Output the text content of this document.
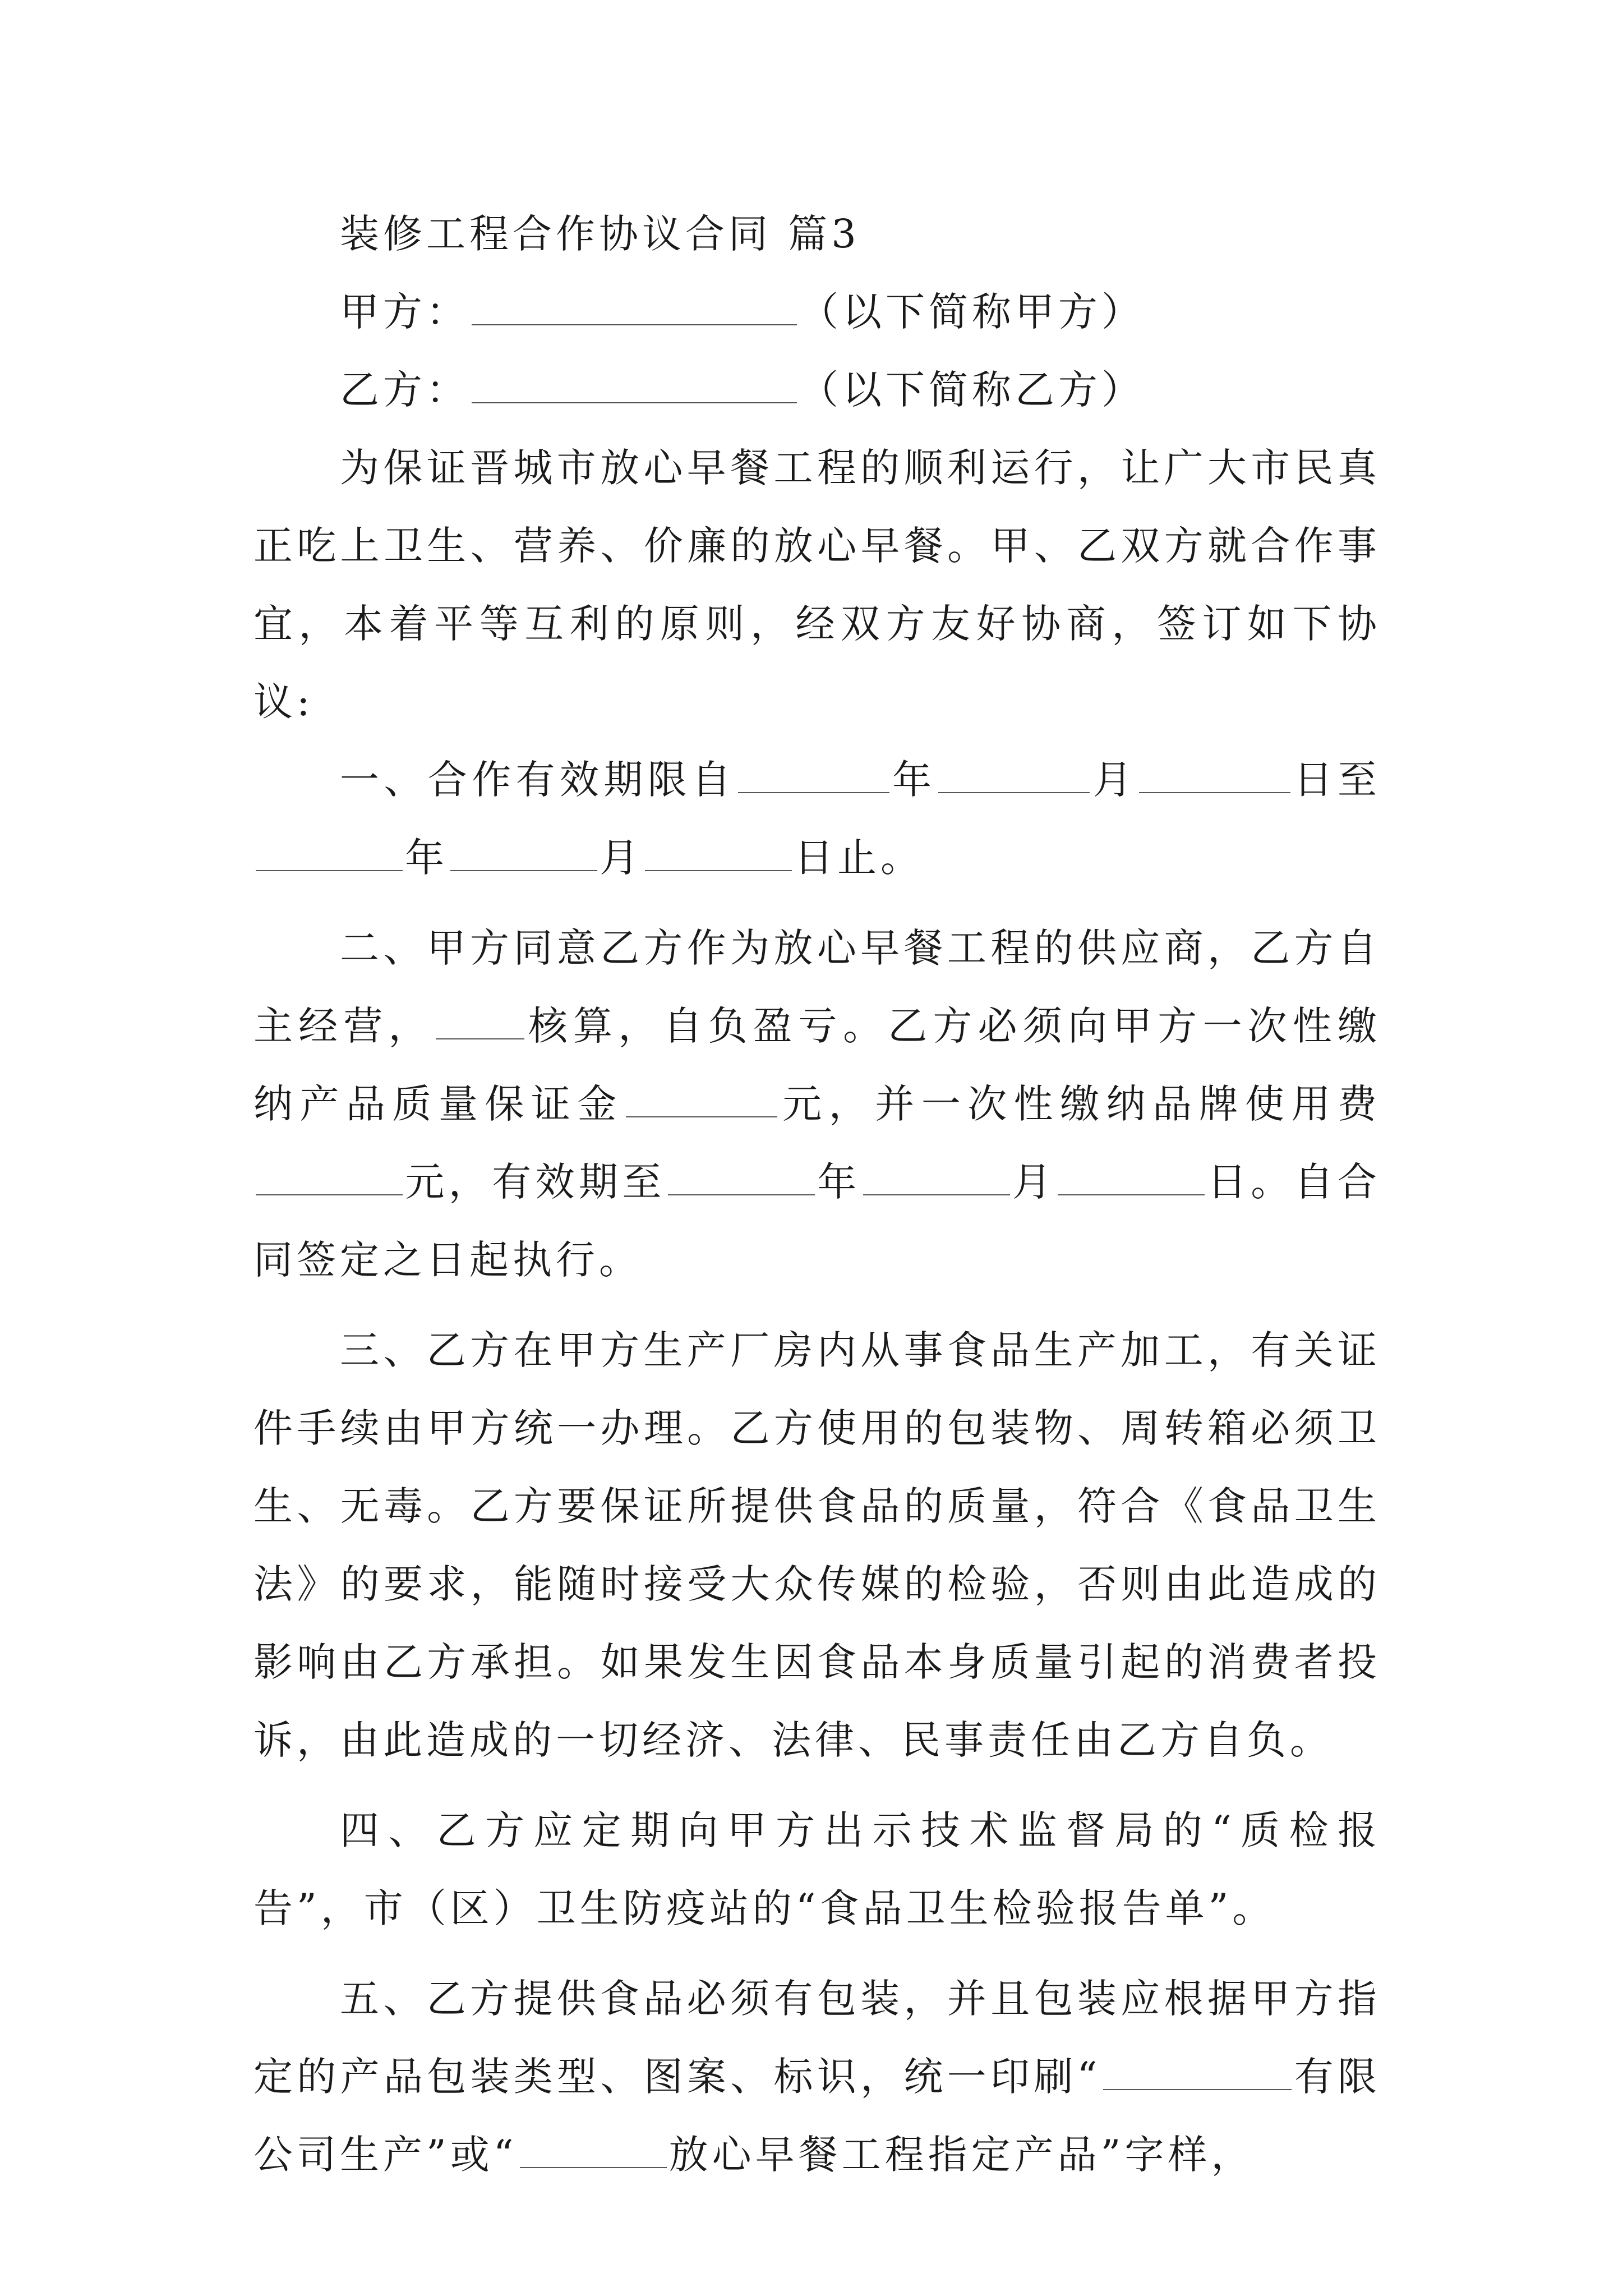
装修工程合作协议合同 篇3

甲方：	（以下简称甲方）

乙方：	（以下简称乙方）

为保证晋城市放心早餐工程的顺利运行，让广大市民真正吃上卫生、营养、价廉的放心早餐。甲、乙双方就合作事宜，本着平等互利的原则，经双方友好协商，签订如下协议:

一、合作有效期限自	年	月	日至年	月	日止。

二、甲方同意乙方作为放心早餐工程的供应商，乙方自主经营， 核算，自负盈亏。乙方必须向甲方一次性缴纳产品质量保证金	元，并一次性缴纳品牌使用费元，有效期至	年	月	日。自合同签定之日起执行。

三、乙方在甲方生产厂房内从事食品生产加工，有关证件手续由甲方统一办理。乙方使用的包装物、周转箱必须卫生、无毒。乙方要保证所提供食品的质量，符合《食品卫生法》的要求，能随时接受大众传媒的检验，否则由此造成的影响由乙方承担。如果发生因食品本身质量引起的消费者投诉，由此造成的一切经济、法律、民事责任由乙方自负。

四、乙方应定期向甲方出示技术监督局的“质检报告”，市（区）卫生防疫站的“食品卫生检验报告单”。

五、乙方提供食品必须有包装，并且包装应根据甲方指定的产品包装类型、图案、标识，统一印刷“	有限公司生产”或“	放心早餐工程指定产品”字样，
